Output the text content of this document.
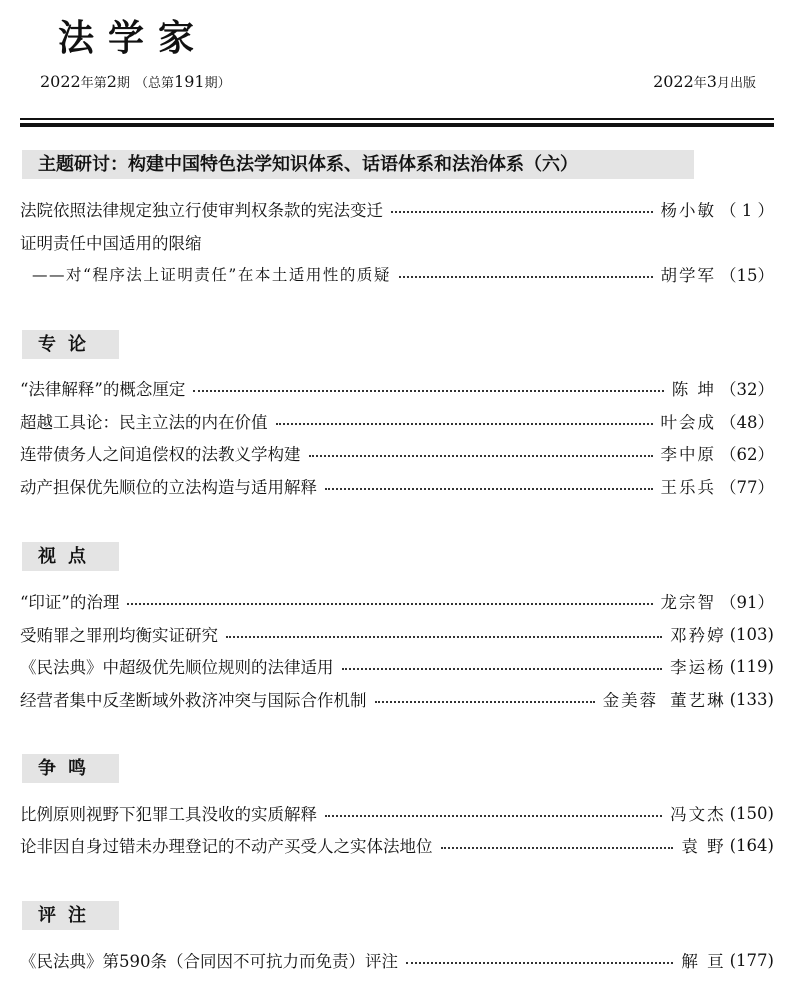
法学家
2022年第2期 （总第191期）	2022年3月出版
主题研讨：构建中国特色法学知识体系、话语体系和法治体系（六）
法院依照法律规定独立行使审判权条款的宪法变迁	杨小敏 （ 1 ）
证明责任中国适用的限缩
——对“程序法上证明责任”在本土适用性的质疑	胡学军 （15）
专论
“法律解释”的概念厘定	陈 坤 （32）
超越工具论：民主立法的内在价值	叶会成 （48）
连带债务人之间追偿权的法教义学构建	李中原 （62）
动产担保优先顺位的立法构造与适用解释	王乐兵 （77）
视点
“印证”的治理	龙宗智 （91）
受贿罪之罪刑均衡实证研究	邓矜婷 (103)
《民法典》中超级优先顺位规则的法律适用	李运杨 (119)
经营者集中反垄断域外救济冲突与国际合作机制	金美蓉 董艺琳 (133)
争鸣
比例原则视野下犯罪工具没收的实质解释	冯文杰 (150)
论非因自身过错未办理登记的不动产买受人之实体法地位	袁 野 (164)
评注
《民法典》第590条（合同因不可抗力而免责）评注	解 亘 (177)
